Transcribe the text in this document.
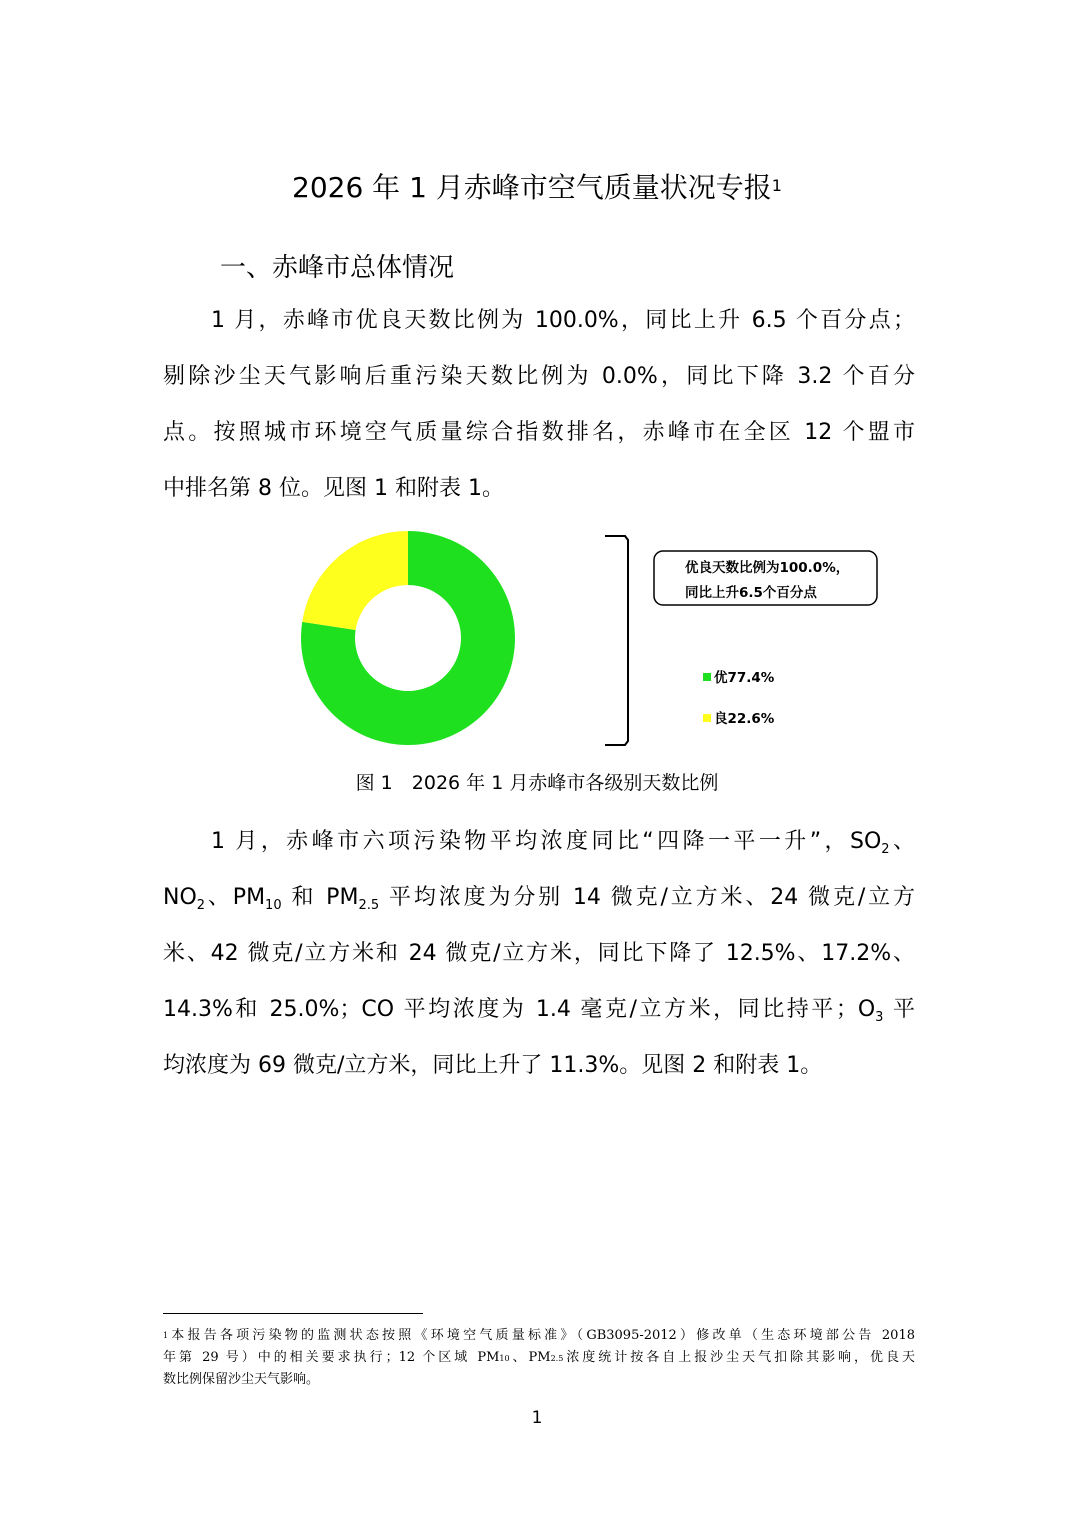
2026 年 1 月赤峰市空气质量状况专报$^1$
一、赤峰市总体情况
1 月，赤峰市优良天数比例为 100.0%，同比上升 6.5 个百分点；
剔除沙尘天气影响后重污染天数比例为 0.0%，同比下降 3.2 个百分
点。按照城市环境空气质量综合指数排名，赤峰市在全区 12 个盟市
中排名第 8 位。见图 1 和附表 1。
优良天数比例为100.0%，
同比上升6.5个百分点
优77.4%
良22.6%
图 1　2026 年 1 月赤峰市各级别天数比例
1 月，赤峰市六项污染物平均浓度同比“四降一平一升”，$SO_2$、
$NO_2$、$PM_{10}$ 和 $PM_{2.5}$ 平均浓度为分别 14 微克/立方米、24 微克/立方
米、42 微克/立方米和 24 微克/立方米，同比下降了 12.5%、17.2%、
14.3%和 25.0%；CO 平均浓度为 1.4 毫克/立方米，同比持平；$O_3$ 平
均浓度为 69 微克/立方米，同比上升了 11.3%。见图 2 和附表 1。
$^1$本报告各项污染物的监测状态按照《环境空气质量标准》（GB3095-2012）修改单（生态环境部公告 2018
年第 29 号）中的相关要求执行；12 个区域 PM10、PM2.5浓度统计按各自上报沙尘天气扣除其影响，优良天
数比例保留沙尘天气影响。
1
